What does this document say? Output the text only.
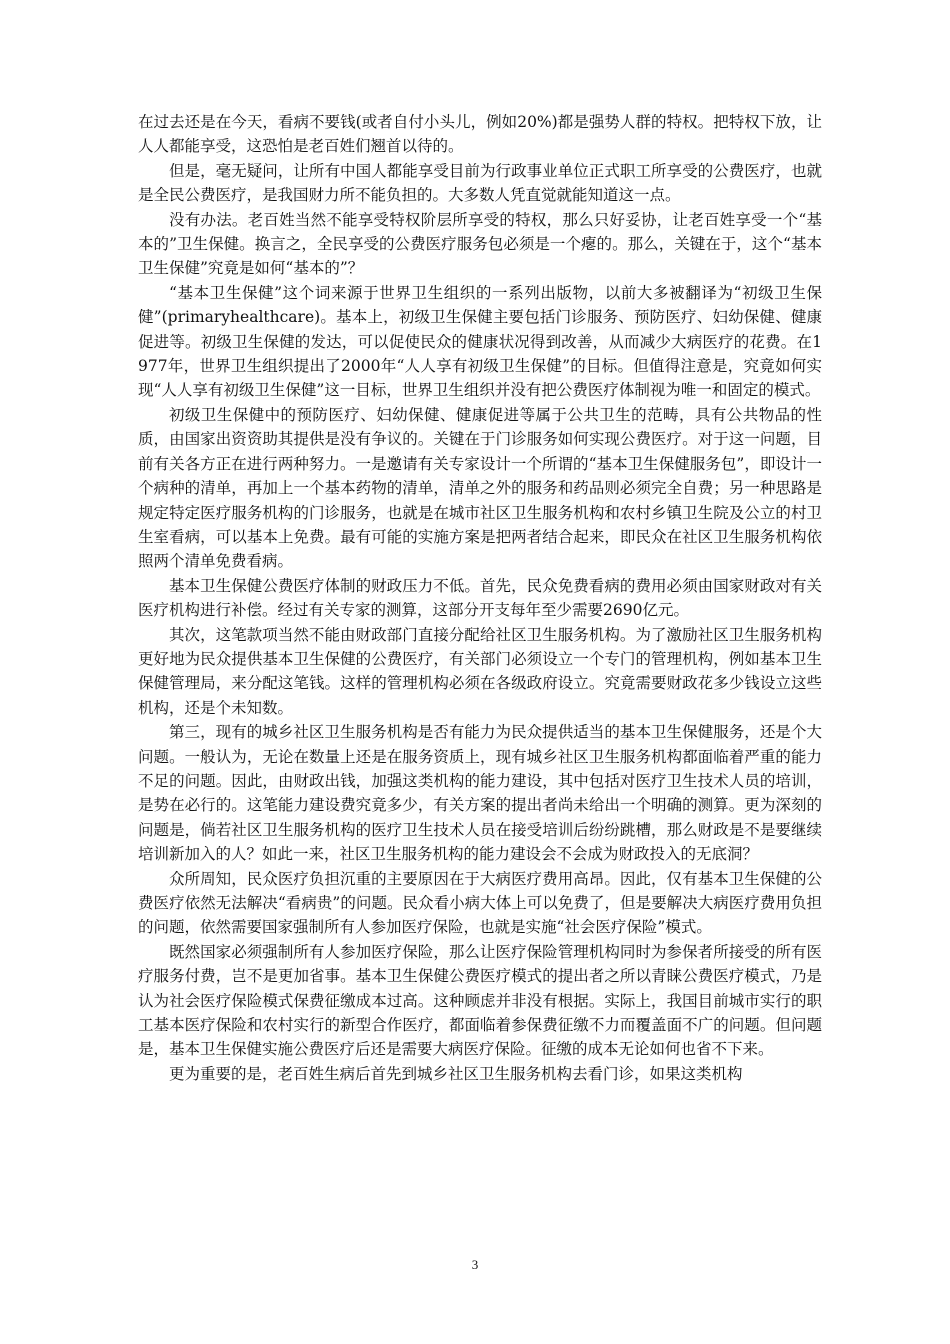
在过去还是在今天，看病不要钱(或者自付小头儿，例如20%)都是强势人群的特权。把特权下放，让人人都能享受，这恐怕是老百姓们翘首以待的。

但是，毫无疑问，让所有中国人都能享受目前为行政事业单位正式职工所享受的公费医疗，也就是全民公费医疗，是我国财力所不能负担的。大多数人凭直觉就能知道这一点。

没有办法。老百姓当然不能享受特权阶层所享受的特权，那么只好妥协，让老百姓享受一个“基本的”卫生保健。换言之，全民享受的公费医疗服务包必须是一个瘪的。那么，关键在于，这个“基本卫生保健”究竟是如何“基本的”？

“基本卫生保健”这个词来源于世界卫生组织的一系列出版物，以前大多被翻译为“初级卫生保健”(primaryhealthcare)。基本上，初级卫生保健主要包括门诊服务、预防医疗、妇幼保健、健康促进等。初级卫生保健的发达，可以促使民众的健康状况得到改善，从而减少大病医疗的花费。在1977年，世界卫生组织提出了2000年“人人享有初级卫生保健”的目标。但值得注意是，究竟如何实现“人人享有初级卫生保健”这一目标，世界卫生组织并没有把公费医疗体制视为唯一和固定的模式。

初级卫生保健中的预防医疗、妇幼保健、健康促进等属于公共卫生的范畴，具有公共物品的性质，由国家出资资助其提供是没有争议的。关键在于门诊服务如何实现公费医疗。对于这一问题，目前有关各方正在进行两种努力。一是邀请有关专家设计一个所谓的“基本卫生保健服务包”，即设计一个病种的清单，再加上一个基本药物的清单，清单之外的服务和药品则必须完全自费；另一种思路是规定特定医疗服务机构的门诊服务，也就是在城市社区卫生服务机构和农村乡镇卫生院及公立的村卫生室看病，可以基本上免费。最有可能的实施方案是把两者结合起来，即民众在社区卫生服务机构依照两个清单免费看病。

基本卫生保健公费医疗体制的财政压力不低。首先，民众免费看病的费用必须由国家财政对有关医疗机构进行补偿。经过有关专家的测算，这部分开支每年至少需要2690亿元。

其次，这笔款项当然不能由财政部门直接分配给社区卫生服务机构。为了激励社区卫生服务机构更好地为民众提供基本卫生保健的公费医疗，有关部门必须设立一个专门的管理机构，例如基本卫生保健管理局，来分配这笔钱。这样的管理机构必须在各级政府设立。究竟需要财政花多少钱设立这些机构，还是个未知数。

第三，现有的城乡社区卫生服务机构是否有能力为民众提供适当的基本卫生保健服务，还是个大问题。一般认为，无论在数量上还是在服务资质上，现有城乡社区卫生服务机构都面临着严重的能力不足的问题。因此，由财政出钱，加强这类机构的能力建设，其中包括对医疗卫生技术人员的培训，是势在必行的。这笔能力建设费究竟多少，有关方案的提出者尚未给出一个明确的测算。更为深刻的问题是，倘若社区卫生服务机构的医疗卫生技术人员在接受培训后纷纷跳槽，那么财政是不是要继续培训新加入的人？如此一来，社区卫生服务机构的能力建设会不会成为财政投入的无底洞？

众所周知，民众医疗负担沉重的主要原因在于大病医疗费用高昂。因此，仅有基本卫生保健的公费医疗依然无法解决“看病贵”的问题。民众看小病大体上可以免费了，但是要解决大病医疗费用负担的问题，依然需要国家强制所有人参加医疗保险，也就是实施“社会医疗保险”模式。

既然国家必须强制所有人参加医疗保险，那么让医疗保险管理机构同时为参保者所接受的所有医疗服务付费，岂不是更加省事。基本卫生保健公费医疗模式的提出者之所以青睐公费医疗模式，乃是认为社会医疗保险模式保费征缴成本过高。这种顾虑并非没有根据。实际上，我国目前城市实行的职工基本医疗保险和农村实行的新型合作医疗，都面临着参保费征缴不力而覆盖面不广的问题。但问题是，基本卫生保健实施公费医疗后还是需要大病医疗保险。征缴的成本无论如何也省不下来。

更为重要的是，老百姓生病后首先到城乡社区卫生服务机构去看门诊，如果这类机构

3
